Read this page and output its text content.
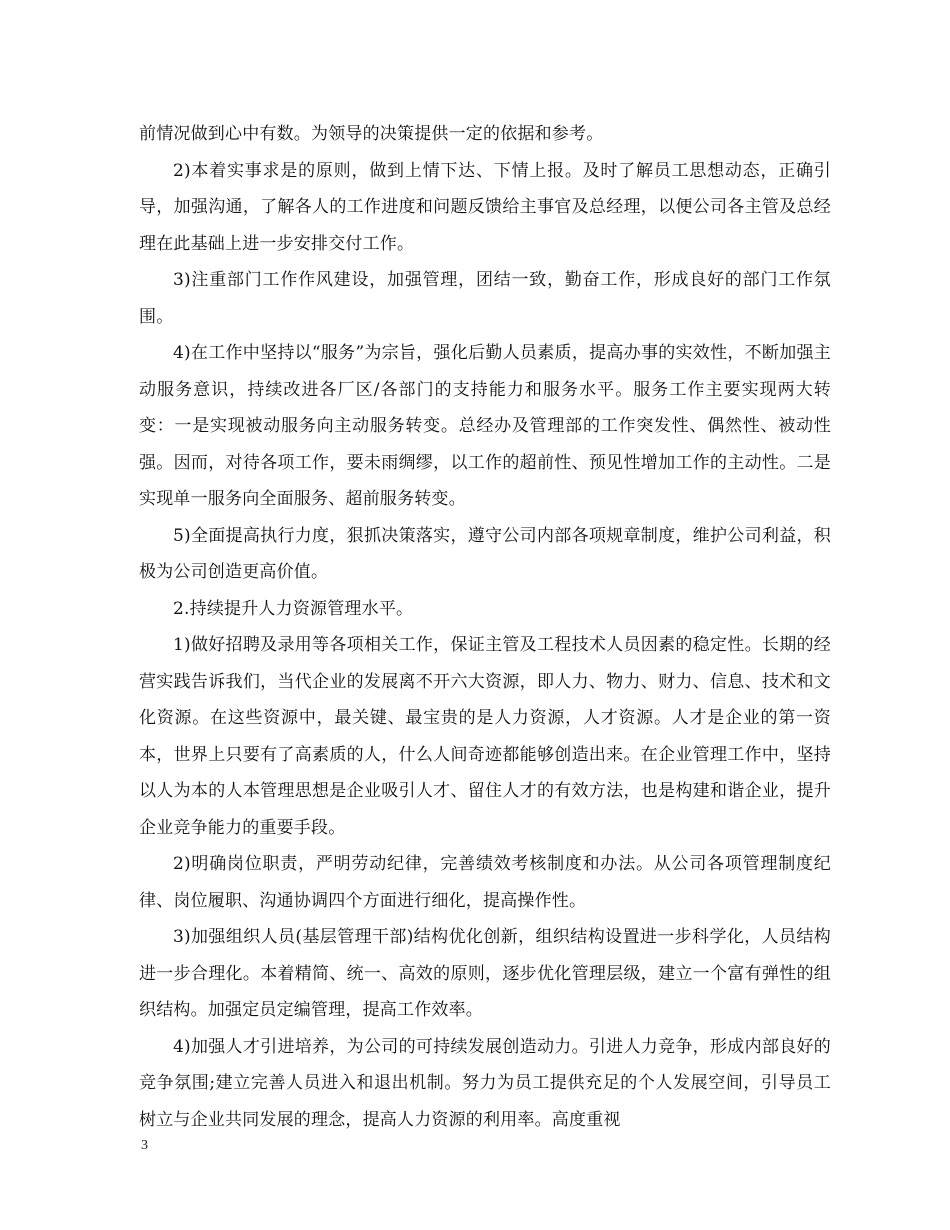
前情况做到心中有数。为领导的决策提供一定的依据和参考。

2)本着实事求是的原则，做到上情下达、下情上报。及时了解员工思想动态，正确引导，加强沟通，了解各人的工作进度和问题反馈给主事官及总经理，以便公司各主管及总经理在此基础上进一步安排交付工作。

3)注重部门工作作风建设，加强管理，团结一致，勤奋工作，形成良好的部门工作氛围。

4)在工作中坚持以“服务”为宗旨，强化后勤人员素质，提高办事的实效性，不断加强主动服务意识，持续改进各厂区/各部门的支持能力和服务水平。服务工作主要实现两大转变：一是实现被动服务向主动服务转变。总经办及管理部的工作突发性、偶然性、被动性强。因而，对待各项工作，要未雨绸缪，以工作的超前性、预见性增加工作的主动性。二是实现单一服务向全面服务、超前服务转变。

5)全面提高执行力度，狠抓决策落实，遵守公司内部各项规章制度，维护公司利益，积极为公司创造更高价值。

2.持续提升人力资源管理水平。

1)做好招聘及录用等各项相关工作，保证主管及工程技术人员因素的稳定性。长期的经营实践告诉我们，当代企业的发展离不开六大资源，即人力、物力、财力、信息、技术和文化资源。在这些资源中，最关键、最宝贵的是人力资源，人才资源。人才是企业的第一资本，世界上只要有了高素质的人，什么人间奇迹都能够创造出来。在企业管理工作中，坚持以人为本的人本管理思想是企业吸引人才、留住人才的有效方法，也是构建和谐企业，提升企业竞争能力的重要手段。

2)明确岗位职责，严明劳动纪律，完善绩效考核制度和办法。从公司各项管理制度纪律、岗位履职、沟通协调四个方面进行细化，提高操作性。

3)加强组织人员(基层管理干部)结构优化创新，组织结构设置进一步科学化，人员结构进一步合理化。本着精简、统一、高效的原则，逐步优化管理层级，建立一个富有弹性的组织结构。加强定员定编管理，提高工作效率。

4)加强人才引进培养，为公司的可持续发展创造动力。引进人力竞争，形成内部良好的竞争氛围;建立完善人员进入和退出机制。努力为员工提供充足的个人发展空间，引导员工树立与企业共同发展的理念，提高人力资源的利用率。高度重视

3
